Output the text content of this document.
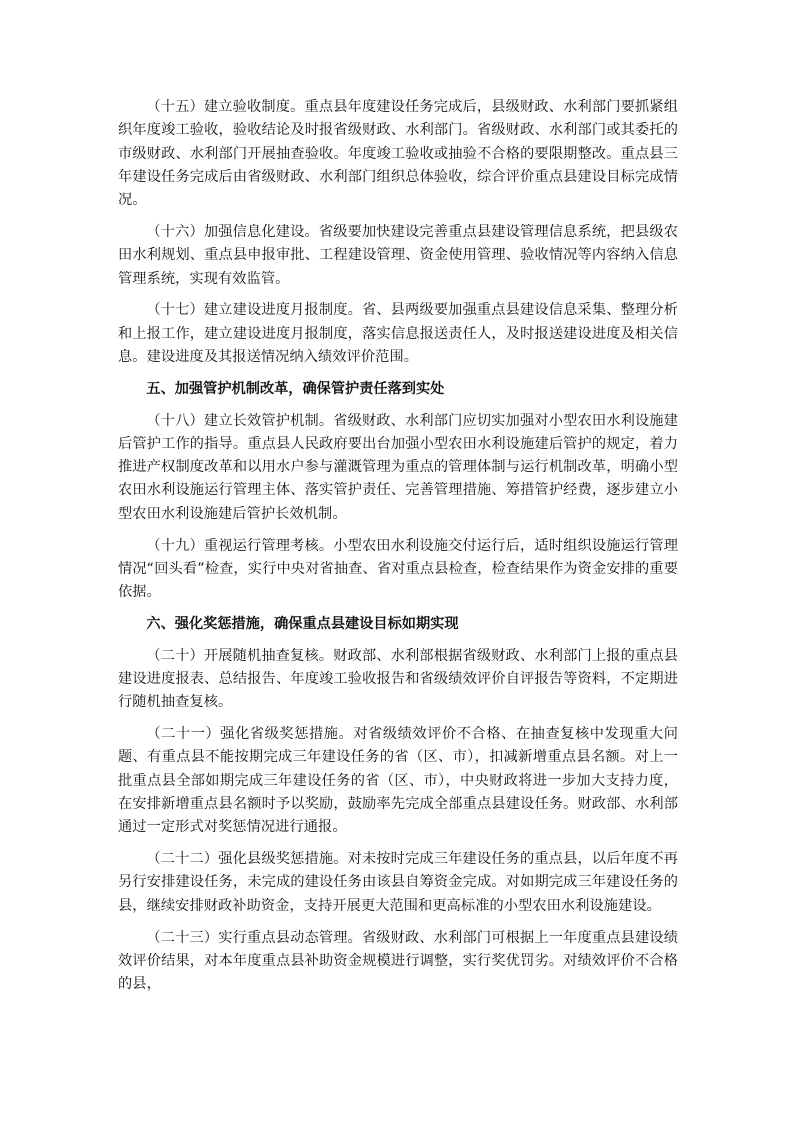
（十五）建立验收制度。重点县年度建设任务完成后，县级财政、水利部门要抓紧组织年度竣工验收，验收结论及时报省级财政、水利部门。省级财政、水利部门或其委托的市级财政、水利部门开展抽查验收。年度竣工验收或抽验不合格的要限期整改。重点县三年建设任务完成后由省级财政、水利部门组织总体验收，综合评价重点县建设目标完成情况。

（十六）加强信息化建设。省级要加快建设完善重点县建设管理信息系统，把县级农田水利规划、重点县申报审批、工程建设管理、资金使用管理、验收情况等内容纳入信息管理系统，实现有效监管。

（十七）建立建设进度月报制度。省、县两级要加强重点县建设信息采集、整理分析和上报工作，建立建设进度月报制度，落实信息报送责任人，及时报送建设进度及相关信息。建设进度及其报送情况纳入绩效评价范围。

五、加强管护机制改革，确保管护责任落到实处

（十八）建立长效管护机制。省级财政、水利部门应切实加强对小型农田水利设施建后管护工作的指导。重点县人民政府要出台加强小型农田水利设施建后管护的规定，着力推进产权制度改革和以用水户参与灌溉管理为重点的管理体制与运行机制改革，明确小型农田水利设施运行管理主体、落实管护责任、完善管理措施、筹措管护经费，逐步建立小型农田水利设施建后管护长效机制。

（十九）重视运行管理考核。小型农田水利设施交付运行后，适时组织设施运行管理情况“回头看”检查，实行中央对省抽查、省对重点县检查，检查结果作为资金安排的重要依据。

六、强化奖惩措施，确保重点县建设目标如期实现

（二十）开展随机抽查复核。财政部、水利部根据省级财政、水利部门上报的重点县建设进度报表、总结报告、年度竣工验收报告和省级绩效评价自评报告等资料，不定期进行随机抽查复核。

（二十一）强化省级奖惩措施。对省级绩效评价不合格、在抽查复核中发现重大问题、有重点县不能按期完成三年建设任务的省（区、市），扣减新增重点县名额。对上一批重点县全部如期完成三年建设任务的省（区、市），中央财政将进一步加大支持力度，在安排新增重点县名额时予以奖励，鼓励率先完成全部重点县建设任务。财政部、水利部通过一定形式对奖惩情况进行通报。

（二十二）强化县级奖惩措施。对未按时完成三年建设任务的重点县，以后年度不再另行安排建设任务，未完成的建设任务由该县自筹资金完成。对如期完成三年建设任务的县，继续安排财政补助资金，支持开展更大范围和更高标准的小型农田水利设施建设。

（二十三）实行重点县动态管理。省级财政、水利部门可根据上一年度重点县建设绩效评价结果，对本年度重点县补助资金规模进行调整，实行奖优罚劣。对绩效评价不合格的县，
